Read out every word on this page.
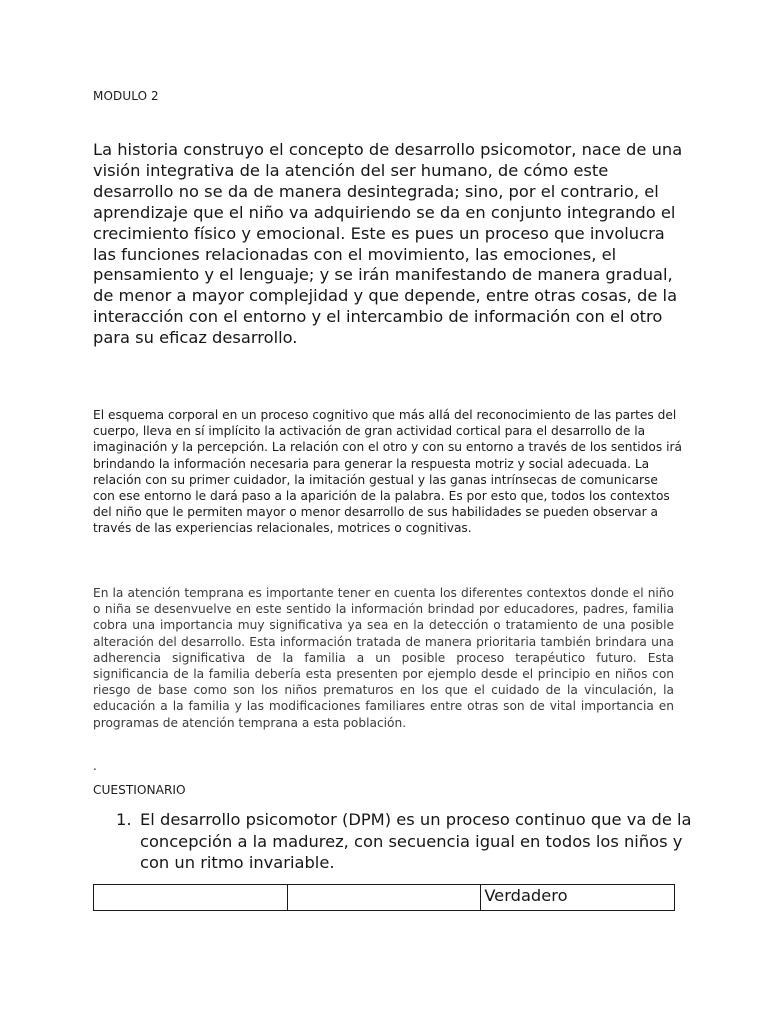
MODULO 2

La historia construyo el concepto de desarrollo psicomotor, nace de una visión integrativa de la atención del ser humano, de cómo este desarrollo no se da de manera desintegrada; sino, por el contrario, el aprendizaje que el niño va adquiriendo se da en conjunto integrando el crecimiento físico y emocional. Este es pues un proceso que involucra las funciones relacionadas con el movimiento, las emociones, el pensamiento y el lenguaje; y se irán manifestando de manera gradual, de menor a mayor complejidad y que depende, entre otras cosas, de la interacción con el entorno y el intercambio de información con el otro para su eficaz desarrollo.

El esquema corporal en un proceso cognitivo que más allá del reconocimiento de las partes del cuerpo, lleva en sí implícito la activación de gran actividad cortical para el desarrollo de la imaginación y la percepción. La relación con el otro y con su entorno a través de los sentidos irá brindando la información necesaria para generar la respuesta motriz y social adecuada. La relación con su primer cuidador, la imitación gestual y las ganas intrínsecas de comunicarse con ese entorno le dará paso a la aparición de la palabra. Es por esto que, todos los contextos del niño que le permiten mayor o menor desarrollo de sus habilidades se pueden observar a través de las experiencias relacionales, motrices o cognitivas.

En la atención temprana es importante tener en cuenta los diferentes contextos donde el niño o niña se desenvuelve en este sentido la información brindad por educadores, padres, familia cobra una importancia muy significativa ya sea en la detección o tratamiento de una posible alteración del desarrollo. Esta información tratada de manera prioritaria también brindara una adherencia significativa de la familia a un posible proceso terapéutico futuro. Esta significancia de la familia debería esta presenten por ejemplo desde el principio en niños con riesgo de base como son los niños prematuros en los que el cuidado de la vinculación, la educación a la familia y las modificaciones familiares entre otras son de vital importancia en programas de atención temprana a esta población.

.
CUESTIONARIO
1. El desarrollo psicomotor (DPM) es un proceso continuo que va de la concepción a la madurez, con secuencia igual en todos los niños y con un ritmo invariable.
		Verdadero
